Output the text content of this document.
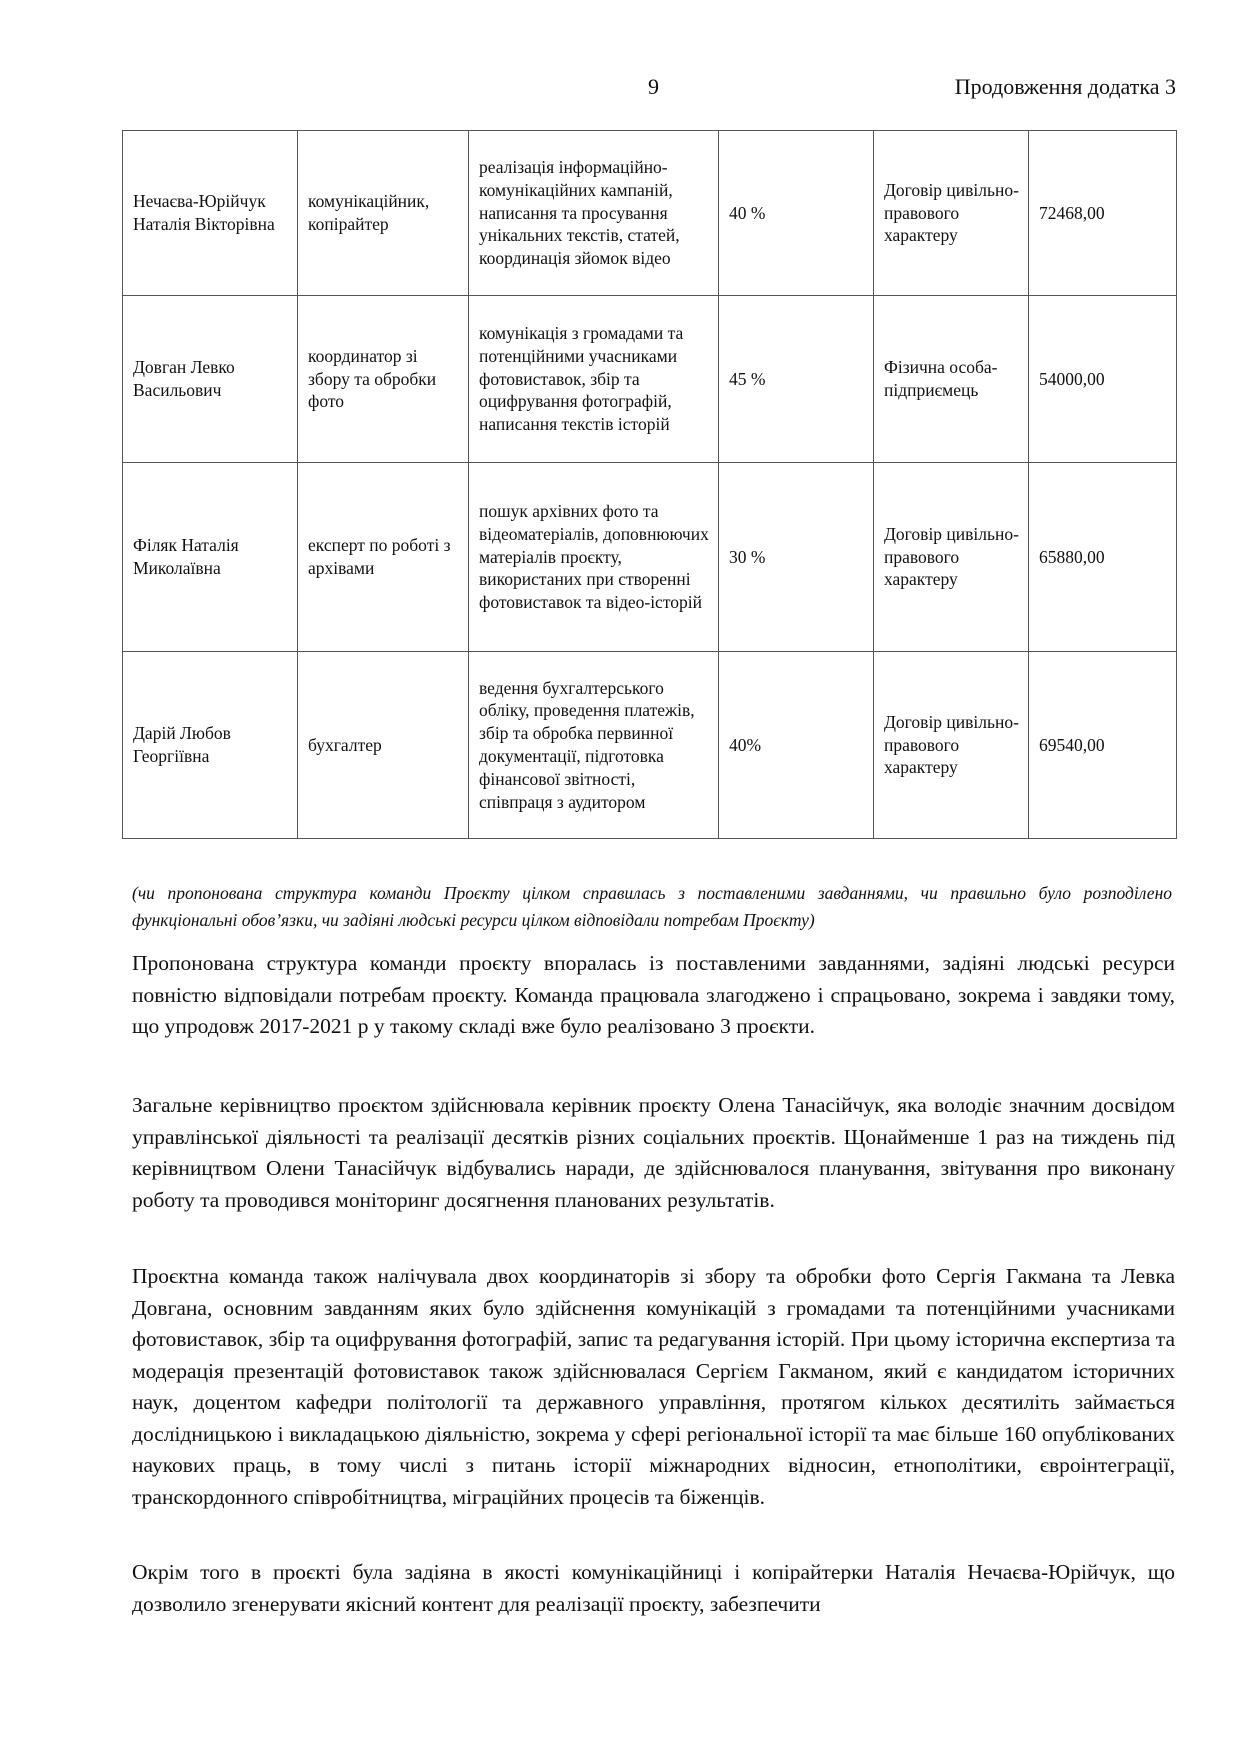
9	Продовження додатка 3
Нечаєва-Юрійчук Наталія Вікторівна	комунікаційник, копірайтер	реалізація інформаційно-комунікаційних кампаній, написання та просування унікальних текстів, статей, координація зйомок відео	40 %	Договір цивільно-правового характеру	72468,00
Довган Левко Васильович	координатор зі збору та обробки фото	комунікація з громадами та потенційними учасниками фотовиставок, збір та оцифрування фотографій, написання текстів історій	45 %	Фізична особа-підприємець	54000,00
Філяк Наталія Миколаївна	експерт по роботі з архівами	пошук архівних фото та відеоматеріалів, доповнюючих матеріалів проєкту, використаних при створенні фотовиставок та відео-історій	30 %	Договір цивільно-правового характеру	65880,00
Дарій Любов Георгіївна	бухгалтер	ведення бухгалтерського обліку, проведення платежів, збір та обробка первинної документації, підготовка фінансової звітності, співпраця з аудитором	40%	Договір цивільно-правового характеру	69540,00
(чи пропонована структура команди Проєкту цілком справилась з поставленими завданнями, чи правильно було розподілено функціональні обов’язки, чи задіяні людські ресурси цілком відповідали потребам Проєкту)

Пропонована структура команди проєкту впоралась із поставленими завданнями, задіяні людські ресурси повністю відповідали потребам проєкту. Команда працювала злагоджено і спрацьовано, зокрема і завдяки тому, що упродовж 2017-2021 р у такому складі вже було реалізовано 3 проєкти.

Загальне керівництво проєктом здійснювала керівник проєкту Олена Танасійчук, яка володіє значним досвідом управлінської діяльності та реалізації десятків різних соціальних проєктів. Щонайменше 1 раз на тиждень під керівництвом Олени Танасійчук відбувались наради, де здійснювалося планування, звітування про виконану роботу та проводився моніторинг досягнення планованих результатів.

Проєктна команда також налічувала двох координаторів зі збору та обробки фото Сергія Гакмана та Левка Довгана, основним завданням яких було здійснення комунікацій з громадами та потенційними учасниками фотовиставок, збір та оцифрування фотографій, запис та редагування історій. При цьому історична експертиза та модерація презентацій фотовиставок також здійснювалася Сергієм Гакманом, який є кандидатом історичних наук, доцентом кафедри політології та державного управління, протягом кількох десятиліть займається дослідницькою і викладацькою діяльністю, зокрема у сфері регіональної історії та має більше 160 опублікованих наукових праць, в тому числі з питань історії міжнародних відносин, етнополітики, євроінтеграції, транскордонного співробітництва, міграційних процесів та біженців.

Окрім того в проєкті була задіяна в якості комунікаційниці і копірайтерки Наталія Нечаєва-Юрійчук, що дозволило згенерувати якісний контент для реалізації проєкту, забезпечити
